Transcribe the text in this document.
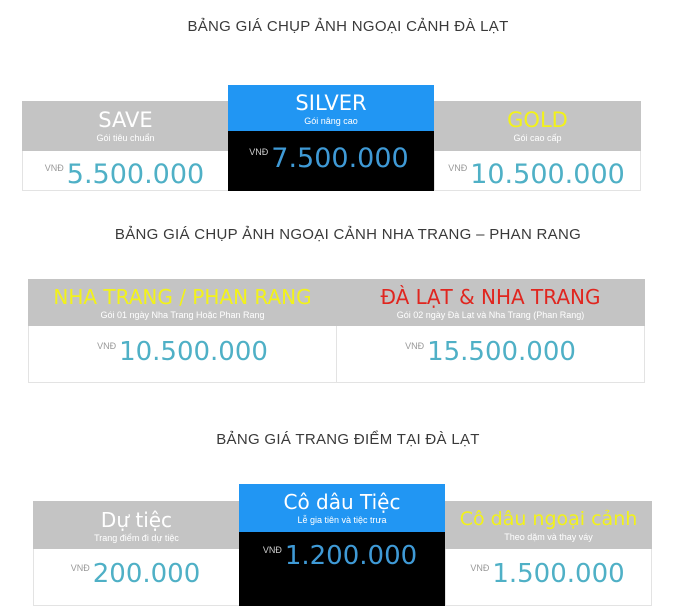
BẢNG GIÁ CHỤP ẢNH NGOẠI CẢNH ĐÀ LẠT
SAVE
Gói tiêu chuẩn
VNĐ 5.500.000
SILVER
Gói nâng cao
VNĐ 7.500.000
GOLD
Gói cao cấp
VNĐ 10.500.000
BẢNG GIÁ CHỤP ẢNH NGOẠI CẢNH NHA TRANG – PHAN RANG
NHA TRANG / PHAN RANG
Gói 01 ngày Nha Trang Hoặc Phan Rang
VNĐ 10.500.000
ĐÀ LẠT & NHA TRANG
Gói 02 ngày Đà Lạt và Nha Trang (Phan Rang)
VNĐ 15.500.000
BẢNG GIÁ TRANG ĐIỂM TẠI ĐÀ LẠT
Dự tiệc
Trang điểm đi dự tiệc
VNĐ 200.000
Cô dâu Tiệc
Lễ gia tiên và tiệc trưa
VNĐ 1.200.000
Cô dâu ngoại cảnh
Theo dặm và thay váy
VNĐ 1.500.000
